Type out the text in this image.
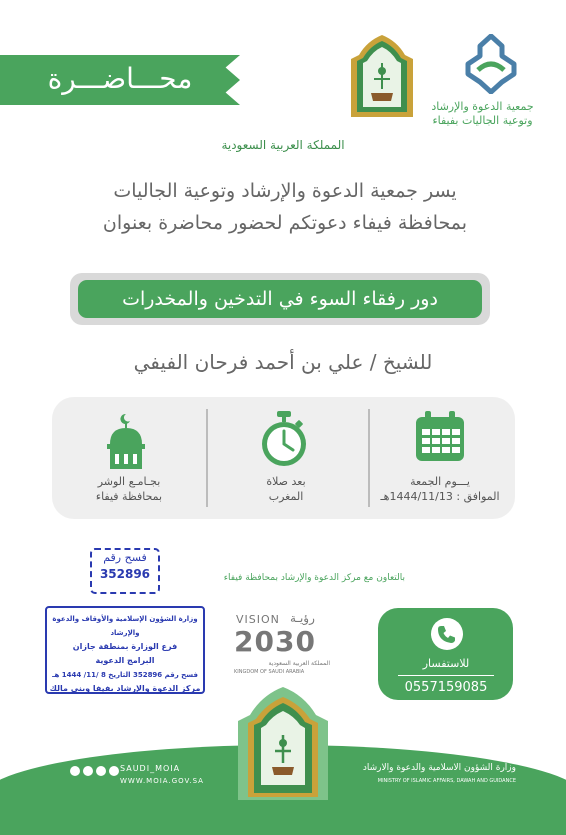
محـــاضـــرة
جمعية الدعوة والإرشاد
وتوعية الجاليات بفيفاء
المملكة العربية السعودية
يسر جمعية الدعوة والإرشاد وتوعية الجاليات
بمحافظة فيفاء دعوتكم لحضور محاضرة بعنوان
دور رفقاء السوء في التدخين والمخدرات
للشيخ / علي بن أحمد فرحان الفيفي
يـــوم الجمعة
الموافق : 1444/11/13هـ
بعد صلاة
المغرب
بجـامـع الوشر
بمحافظة فيفاء
فسح رقم
352896	بالتعاون مع مركز الدعوة والإرشاد بمحافظة فيفاء
وزارة الشؤون الإسلامية والأوقاف والدعوة والإرشاد
فرع الوزارة بمنطقة جازان
البرامج الدعوية
فسح رقم 352896 التاريخ 8 /11/ 1444 هـ
مركز الدعوة والإرشاد بفيفا وبني مالك
VISION رؤيـة
2030
المملكة العربية السعودية
KINGDOM OF SAUDI ARABIA
للاستفسار
0557159085
وزارة الشؤون الاسلامية والدعوة والارشاد
MINISTRY OF ISLAMIC AFFAIRS, DAWAH AND GUIDANCE
SAUDI_MOIA
WWW.MOIA.GOV.SA
